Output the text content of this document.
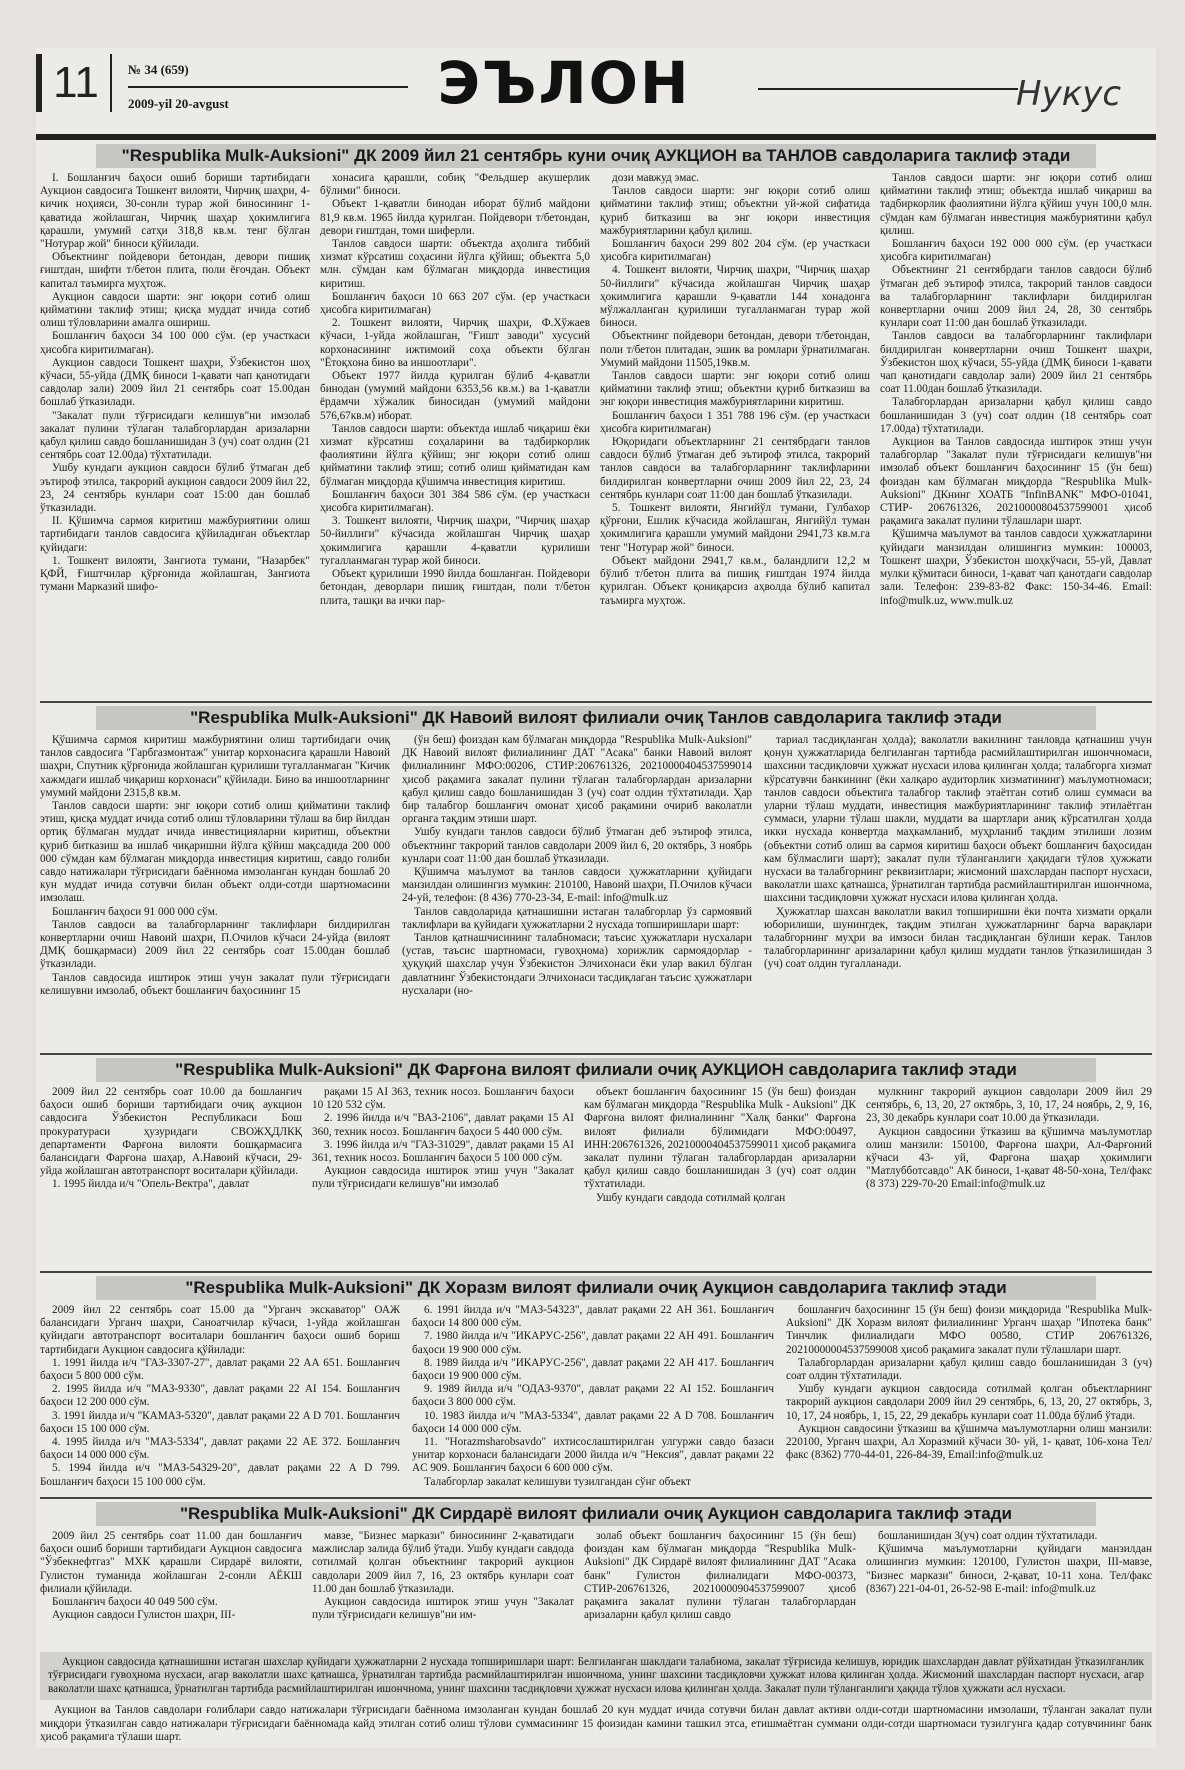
11	№ 34 (659)
2009-yil 20-avgust	ЭЪЛОН	Нукус
"Respublika Mulk-Auksioni" ДК 2009 йил 21 сентябрь куни очиқ АУКЦИОН ва ТАНЛОВ савдоларига таклиф этади

I. Бошланғич баҳоси ошиб бориши тартибидаги Аукцион савдосига Тошкент вилояти, Чирчиқ шаҳри, 4-кичик ноҳияси, 30-сонли турар жой биносининг 1-қаватида жойлашган, Чирчиқ шаҳар ҳокимлигига қарашли, умумий сатҳи 318,8 кв.м. тенг бўлган "Нотурар жой" биноси қўйилади.

Объектнинг пойдевори бетондан, девори пишиқ ғиштдан, шифти т/бетон плита, поли ёғочдан. Объект капитал таъмирга муҳтож.

Аукцион савдоси шарти: энг юқори сотиб олиш қийматини таклиф этиш; қисқа муддат ичида сотиб олиш тўловларини амалга ошириш.

Бошланғич баҳоси 34 100 000 сўм. (ер участкаси ҳисобга киритилмаган).

Аукцион савдоси Тошкент шаҳри, Ўзбекистон шоҳ кўчаси, 55-уйда (ДМҚ биноси 1-қавати чап қанотидаги савдолар зали) 2009 йил 21 сентябрь соат 15.00дан бошлаб ўтказилади.

"Закалат пули тўғрисидаги келишув"ни имзолаб закалат пулини тўлаган талабгорлардан аризаларни қабул қилиш савдо бошланишидан 3 (уч) соат олдин (21 сентябрь соат 12.00да) тўхтатилади.

Ушбу кундаги аукцион савдоси бўлиб ўтмаган деб эътироф этилса, такрорий аукцион савдоси 2009 йил 22, 23, 24 сентябрь кунлари соат 15:00 дан бошлаб ўтказилади.

II. Қўшимча сармоя киритиш мажбуриятини олиш тартибидаги танлов савдосига қўйиладиган объектлар қуйидаги:

1. Тошкент вилояти, Зангиота тумани, "Назарбек" ҚФЙ, Ғиштчилар қўрғонида жойлашган, Зангиота тумани Марказий шифо-

хонасига қарашли, собиқ "Фельдшер акушерлик бўлими" биноси.

Объект 1-қаватли бинодан иборат бўлиб майдони 81,9 кв.м. 1965 йилда қурилган. Пойдевори т/бетондан, девори ғиштдан, томи шиферли.

Танлов савдоси шарти: объектда аҳолига тиббий хизмат кўрсатиш соҳасини йўлга қўйиш; объектга 5,0 млн. сўмдан кам бўлмаган миқдорда инвестиция киритиш.

Бошланғич баҳоси 10 663 207 сўм. (ер участкаси ҳисобга киритилмаган)

2. Тошкент вилояти, Чирчиқ шаҳри, Ф.Хўжаев кўчаси, 1-уйда жойлашган, "Ғишт заводи" хусусий корхонасининг ижтимоий соҳа объекти бўлган "Ётоқхона бино ва иншоотлари".

Объект 1977 йилда қурилган бўлиб 4-қаватли бинодан (умумий майдони 6353,56 кв.м.) ва 1-қаватли ёрдамчи хўжалик биносидан (умумий майдони 576,67кв.м) иборат.

Танлов савдоси шарти: объектда ишлаб чиқариш ёки хизмат кўрсатиш соҳаларини ва тадбиркорлик фаолиятини йўлга қўйиш; энг юқори сотиб олиш қийматини таклиф этиш; сотиб олиш қийматидан кам бўлмаган миқдорда қўшимча инвестиция киритиш.

Бошланғич баҳоси 301 384 586 сўм. (ер участкаси ҳисобга киритилмаган).

3. Тошкент вилояти, Чирчиқ шаҳри, "Чирчиқ шаҳар 50-йиллиги" кўчасида жойлашган Чирчиқ шаҳар ҳокимлигига қарашли 4-қаватли қурилиши тугалланмаган турар жой биноси.

Объект қурилиши 1990 йилда бошланган. Пойдевори бетондан, деворлари пишиқ ғиштдан, поли т/бетон плита, ташқи ва ички пар-

дози мавжуд эмас.

Танлов савдоси шарти: энг юқори сотиб олиш қийматини таклиф этиш; объектни уй-жой сифатида қуриб битказиш ва энг юқори инвестиция мажбуриятларини қабул қилиш.

Бошланғич баҳоси 299 802 204 сўм. (ер участкаси ҳисобга киритилмаган)

4. Тошкент вилояти, Чирчиқ шаҳри, "Чирчиқ шаҳар 50-йиллиги" кўчасида жойлашган Чирчиқ шаҳар ҳокимлигига қарашли 9-қаватли 144 хонадонга мўлжалланган қурилиши тугалланмаган турар жой биноси.

Объектнинг пойдевори бетондан, девори т/бетондан, поли т/бетон плитадан, эшик ва ромлари ўрнатилмаган. Умумий майдони 11505,19кв.м.

Танлов савдоси шарти: энг юқори сотиб олиш қийматини таклиф этиш; объектни қуриб битказиш ва энг юқори инвестиция мажбуриятларини киритиш.

Бошланғич баҳоси 1 351 788 196 сўм. (ер участкаси ҳисобга киритилмаган)

Юқоридаги объектларнинг 21 сентябрдаги танлов савдоси бўлиб ўтмаган деб эътироф этилса, такрорий танлов савдоси ва талабгорларнинг таклифларини билдирилган конвертларни очиш 2009 йил 22, 23, 24 сентябрь кунлари соат 11:00 дан бошлаб ўтказилади.

5. Тошкент вилояти, Янгийўл тумани, Гулбахор қўрғони, Ешлик кўчасида жойлашган, Янгийўл туман ҳокимлигига қарашли умумий майдони 2941,73 кв.м.га тенг "Нотурар жой" биноси.

Объект майдони 2941,7 кв.м., баландлиги 12,2 м бўлиб т/бетон плита ва пишиқ ғиштдан 1974 йилда қурилган. Объект қониқарсиз аҳволда бўлиб капитал таъмирга муҳтож.

Танлов савдоси шарти: энг юқори сотиб олиш қийматини таклиф этиш; объектда ишлаб чиқариш ва тадбиркорлик фаолиятини йўлга қўйиш учун 100,0 млн. сўмдан кам бўлмаган инвестиция мажбуриятини қабул қилиш.

Бошланғич баҳоси 192 000 000 сўм. (ер участкаси ҳисобга киритилмаган)

Объектнинг 21 сентябрдаги танлов савдоси бўлиб ўтмаган деб эътироф этилса, такрорий танлов савдоси ва талабгорларнинг таклифлари билдирилган конвертларни очиш 2009 йил 24, 28, 30 сентябрь кунлари соат 11:00 дан бошлаб ўтказилади.

Танлов савдоси ва талабгорларнинг таклифлари билдирилган конвертларни очиш Тошкент шаҳри, Ўзбекистон шоҳ кўчаси, 55-уйда (ДМҚ биноси 1-қавати чап қанотидаги савдолар зали) 2009 йил 21 сентябрь соат 11.00дан бошлаб ўтказилади.

Талабгорлардан аризаларни қабул қилиш савдо бошланишидан 3 (уч) соат олдин (18 сентябрь соат 17.00да) тўхтатилади.

Аукцион ва Танлов савдосида иштирок этиш учун талабгорлар "Закалат пули тўғрисидаги келишув"ни имзолаб объект бошланғич баҳосининг 15 (ўн беш) фоиздан кам бўлмаган миқдорда "Respublika Mulk-Auksioni" ДКнинг ХОАТБ "InfinBANK" МФО-01041, СТИР- 206761326, 20210000804537599001 ҳисоб рақамига закалат пулини тўлашлари шарт.

Қўшимча маълумот ва танлов савдоси ҳужжатларини қуйидаги манзилдан олишингиз мумкин: 100003, Тошкент шаҳри, Ўзбекистон шоҳкўчаси, 55-уй, Давлат мулки қўмитаси биноси, 1-қават чап қанотдаги савдолар зали. Телефон: 239-83-82 Факс: 150-34-46. Email: info@mulk.uz, www.mulk.uz

"Respublika Mulk-Auksioni" ДК Навоий вилоят филиали очиқ Танлов савдоларига таклиф этади

Қўшимча сармоя киритиш мажбуриятини олиш тартибидаги очиқ танлов савдосига "Гарбгазмонтаж" унитар корхонасига қарашли Навоий шаҳри, Спутник қўрғонида жойлашган қурилиши тугалланмаган "Кичик хажмдаги ишлаб чиқариш корхонаси" қўйилади. Бино ва иншоотларнинг умумий майдони 2315,8 кв.м.

Танлов савдоси шарти: энг юқори сотиб олиш қийматини таклиф этиш, қисқа муддат ичида сотиб олиш тўловларини тўлаш ва бир йилдан ортиқ бўлмаган муддат ичида инвестицияларни киритиш, объектни қуриб битказиш ва ишлаб чиқаришни йўлга қўйиш мақсадида 200 000 000 сўмдан кам бўлмаган миқдорда инвестиция киритиш, савдо голиби савдо натижалари тўғрисидаги баённома имзоланган кундан бошлаб 20 кун муддат ичида сотувчи билан объект олди-сотди шартномасини имзолаш.

Бошланғич баҳоси 91 000 000 сўм.

Танлов савдоси ва талабгорларнинг таклифлари билдирилган конвертларни очиш Навоий шаҳри, П.Очилов кўчаси 24-уйда (вилоят ДМҚ бошқармаси) 2009 йил 22 сентябрь соат 15.00дан бошлаб ўтказилади.

Танлов савдосида иштирок этиш учун закалат пули тўғрисидаги келишувни имзолаб, объект бошланғич баҳосининг 15

(ўн беш) фоиздан кам бўлмаган миқдорда "Respublika Mulk-Auksioni" ДК Навоий вилоят филиалининг ДАТ "Асака" банки Навоий вилоят филиалининг МФО:00206, СТИР:206761326, 20210000404537599014 ҳисоб рақамига закалат пулини тўлаган талабгорлардан аризаларни қабул қилиш савдо бошланишидан 3 (уч) соат олдин тўхтатилади. Ҳар бир талабгор бошланғич омонат ҳисоб рақамини очириб ваколатли органга тақдим этиши шарт.

Ушбу кундаги танлов савдоси бўлиб ўтмаган деб эътироф этилса, объектнинг такрорий танлов савдолари 2009 йил 6, 20 октябрь, 3 ноябрь кунлари соат 11:00 дан бошлаб ўтказилади.

Қўшимча маълумот ва танлов савдоси ҳужжатларини қуйидаги манзилдан олишингиз мумкин: 210100, Навоий шаҳри, П.Очилов кўчаси 24-уй, телефон: (8 436) 770-23-34, E-mail: info@mulk.uz

Танлов савдоларида қатнашишни истаган талабгорлар ўз сармоявий таклифлари ва қуйидаги ҳужжатларни 2 нусхада топширишлари шарт:

Танлов қатнашчисининг талабномаси; таъсис ҳужжатлари нусхалари (устав, таъсис шартномаси, гувоҳнома) хорижлик сармоядорлар - ҳуқуқий шахслар учун Ўзбекистон Элчихонаси ёки улар вакил бўлган давлатнинг Ўзбекистондаги Элчихонаси тасдиқлаган таъсис ҳужжатлари нусхалари (но-

тариал тасдиқланган ҳолда); ваколатли вакилнинг танловда қатнашиш учун қонун ҳужжатларида белгиланган тартибда расмийлаштирилган ишончномаси, шахсини тасдиқловчи ҳужжат нусхаси илова қилинган ҳолда; талабгорга хизмат кўрсатувчи банкининг (ёки халқаро аудиторлик хизматининг) маълумотномаси; танлов савдоси объектига талабгор таклиф этаётган сотиб олиш суммаси ва уларни тўлаш муддати, инвестиция мажбуриятларининг таклиф этилаётган суммаси, уларни тўлаш шакли, муддати ва шартлари аниқ кўрсатилган ҳолда икки нусхада конвертда маҳкамланиб, муҳрланиб тақдим этилиши лозим (объектни сотиб олиш ва сармоя киритиш баҳоси объект бошланғич баҳосидан кам бўлмаслиги шарт); закалат пули тўланганлиги ҳақидаги тўлов ҳужжати нусхаси ва талабгорнинг реквизитлари; жисмоний шахслардан паспорт нусхаси, ваколатли шахс қатнашса, ўрнатилган тартибда расмийлаштирилган ишончнома, шахсини тасдиқловчи ҳужжат нусхаси илова қилинган ҳолда.

Ҳужжатлар шахсан ваколатли вакил топширишни ёки почта хизмати орқали юборилиши, шунингдек, тақдим этилган ҳужжатларнинг барча варақлари талабгорнинг муҳри ва имзоси билан тасдиқланган бўлиши керак. Танлов талабгорларининг аризаларини қабул қилиш муддати танлов ўтказилишидан 3 (уч) соат олдин тугалланади.

"Respublika Mulk-Auksioni" ДК Фарғона вилоят филиали очиқ АУКЦИОН савдоларига таклиф этади

2009 йил 22 сентябрь соат 10.00 да бошланғич баҳоси ошиб бориши тартибидаги очиқ аукцион савдосига Ўзбекистон Республикаси Бош прокуратураси ҳузуридаги СВОЖҲДЛКҚ департаменти Фарғона вилояти бошқармасига балансидаги Фарғона шаҳар, А.Навоий кўчаси, 29-уйда жойлашган автотранспорт воситалари қўйилади.

1. 1995 йилда и/ч "Опель-Вектра", давлат

рақами 15 AI 363, техник носоз. Бошланғич баҳоси 10 120 532 сўм.

2. 1996 йилда и/ч "ВАЗ-2106", давлат рақами 15 AI 360, техник носоз. Бошланғич баҳоси 5 440 000 сўм.

3. 1996 йилда и/ч "ГАЗ-31029", давлат рақами 15 AI 361, техник носоз. Бошланғич баҳоси 5 100 000 сўм.

Аукцион савдосида иштирок этиш учун "Закалат пули тўғрисидаги келишув"ни имзолаб

объект бошланғич баҳосининг 15 (ўн беш) фоиздан кам бўлмаган миқдорда "Respublika Mulk - Auksioni" ДК Фарғона вилоят филиалининг "Халқ банки" Фарғона вилоят филиали бўлимидаги МФО:00497, ИНН:206761326, 20210000404537599011 ҳисоб рақамига закалат пулини тўлаган талабгорлардан аризаларни қабул қилиш савдо бошланишидан 3 (уч) соат олдин тўхтатилади.

Ушбу кундаги савдода сотилмай қолган

мулкнинг такрорий аукцион савдолари 2009 йил 29 сентябрь, 6, 13, 20, 27 октябрь, 3, 10, 17, 24 ноябрь, 2, 9, 16, 23, 30 декабрь кунлари соат 10.00 да ўтказилади.

Аукцион савдосини ўтказиш ва қўшимча маълумотлар олиш манзили: 150100, Фарғона шаҳри, Ал-Фарғоний кўчаси 43- уй, Фарғона шаҳар ҳокимлиги "Матлубботсавдо" АК биноси, 1-қават 48-50-хона, Тел/факс (8 373) 229-70-20 Email:info@mulk.uz

"Respublika Mulk-Auksioni" ДК Хоразм вилоят филиали очиқ Аукцион савдоларига таклиф этади

2009 йил 22 сентябрь соат 15.00 да "Урганч экскаватор" ОАЖ балансидаги Урганч шаҳри, Саноатчилар кўчаси, 1-уйда жойлашган қуйидаги автотранспорт воситалари бошланғич баҳоси ошиб бориш тартибидаги Аукцион савдосига қўйилади:

1. 1991 йилда и/ч "ГАЗ-3307-27", давлат рақами 22 АА 651. Бошланғич баҳоси 5 800 000 сўм.

2. 1995 йилда и/ч "МАЗ-9330", давлат рақами 22 AI 154. Бошланғич баҳоси 12 200 000 сўм.

3. 1991 йилда и/ч "КАМАЗ-5320", давлат рақами 22 A D 701. Бошланғич баҳоси 15 100 000 сўм.

4. 1995 йилда и/ч "МАЗ-5334", давлат рақами 22 AE 372. Бошланғич баҳоси 14 000 000 сўм.

5. 1994 йилда и/ч "МАЗ-54329-20", давлат рақами 22 A D 799. Бошланғич баҳоси 15 100 000 сўм.

6. 1991 йилда и/ч "МАЗ-54323", давлат рақами 22 AH 361. Бошланғич баҳоси 14 800 000 сўм.

7. 1980 йилда и/ч "ИКАРУС-256", давлат рақами 22 AH 491. Бошланғич баҳоси 19 900 000 сўм.

8. 1989 йилда и/ч "ИКАРУС-256", давлат рақами 22 AH 417. Бошланғич баҳоси 19 900 000 сўм.

9. 1989 йилда и/ч "ОДАЗ-9370", давлат рақами 22 AI 152. Бошланғич баҳоси 3 800 000 сўм.

10. 1983 йилда и/ч "МАЗ-5334", давлат рақами 22 A D 708. Бошланғич баҳоси 14 000 000 сўм.

11. "Horazmsharobsavdo" ихтисослаштирилган улгуржи савдо базаси унитар корхонаси балансидаги 2000 йилда и/ч "Нексия", давлат рақами 22 AC 909. Бошланғич баҳоси 6 600 000 сўм.

Талабгорлар закалат келишуви тузилгандан сўнг объект

бошланғич баҳосининг 15 (ўн беш) фоизи миқдорида "Respublika Mulk-Auksioni" ДК Хоразм вилоят филиалининг Урганч шаҳар "Ипотека банк" Тинчлик филиалидаги МФО 00580, СТИР 206761326, 20210000004537599008 ҳисоб рақамига закалат пули тўлашлари шарт.

Талабгорлардан аризаларни қабул қилиш савдо бошланишидан 3 (уч) соат олдин тўхтатилади.

Ушбу кундаги аукцион савдосида сотилмай қолган объектларнинг такрорий аукцион савдолари 2009 йил 29 сентябрь, 6, 13, 20, 27 октябрь, 3, 10, 17, 24 ноябрь, 1, 15, 22, 29 декабрь кунлари соат 11.00да бўлиб ўтади.

Аукцион савдосини ўтказиш ва қўшимча маълумотларни олиш манзили: 220100, Урганч шаҳри, Ал Хоразмий кўчаси 30- уй, 1- қават, 106-хона Тел/факс (8362) 770-44-01, 226-84-39, Email:info@mulk.uz

"Respublika Mulk-Auksioni" ДК Сирдарё вилоят филиали очиқ Аукцион савдоларига таклиф этади

2009 йил 25 сентябрь соат 11.00 дан бошланғич баҳоси ошиб бориши тартибидаги Аукцион савдосига "Ўзбекнефтгаз" МХК қарашли Сирдарё вилояти, Гулистон туманида жойлашган 2-сонли АЁКШ филиали қўйилади.

Бошланғич баҳоси 40 049 500 сўм.

Аукцион савдоси Гулистон шаҳри, III-

мавзе, "Бизнес маркази" биносининг 2-қаватидаги мажлислар залида бўлиб ўтади. Ушбу кундаги савдода сотилмай қолган объектнинг такрорий аукцион савдолари 2009 йил 7, 16, 23 октябрь кунлари соат 11.00 дан бошлаб ўтказилади.

Аукцион савдосида иштирок этиш учун "Закалат пули тўғрисидаги келишув"ни им-

золаб объект бошланғич баҳосининг 15 (ўн беш) фоиздан кам бўлмаган миқдорда "Respublika Mulk-Auksioni" ДК Сирдарё вилоят филиалининг ДАТ "Асака банк" Гулистон филиалидаги МФО-00373, СТИР-206761326, 20210000904537599007 ҳисоб рақамига закалат пулини тўлаган талабгорлардан аризаларни қабул қилиш савдо

бошланишидан 3(уч) соат олдин тўхтатилади.

Қўшимча маълумотларни қуйидаги манзилдан олишингиз мумкин: 120100, Гулистон шаҳри, III-мавзе, "Бизнес маркази" биноси, 2-қават, 10-11 хона. Тел/факс (8367) 221-04-01, 26-52-98 E-mail: info@mulk.uz

Аукцион савдосида қатнашишни истаган шахслар қуйидаги ҳужжатларни 2 нусхада топширишлари шарт: Белгиланган шаклдаги талабнома, закалат тўғрисида келишув, юридик шахслардан давлат рўйхатидан ўтказилганлик тўғрисидаги гувоҳнома нусхаси, агар ваколатли шахс қатнашса, ўрнатилган тартибда расмийлаштирилган ишончнома, унинг шахсини тасдиқловчи ҳужжат илова қилинган ҳолда. Жисмоний шахслардан паспорт нусхаси, агар ваколатли шахс қатнашса, ўрнатилган тартибда расмийлаштирилган ишончнома, унинг шахсини тасдиқловчи ҳужжат нусхаси илова қилинган ҳолда. Закалат пули тўланганлиги ҳақида тўлов ҳужжати асл нусхаси.

Аукцион ва Танлов савдолари ғолиблари савдо натижалари тўғрисидаги баённома имзоланган кундан бошлаб 20 кун муддат ичида сотувчи билан давлат активи олди-сотди шартномасини имзолаши, тўланган закалат пули миқдори ўтказилган савдо натижалари тўғрисидаги баённомада кайд этилган сотиб олиш тўлови суммасининг 15 фоизидан камини ташкил этса, етишмаётган суммани олди-сотди шартномаси тузилгунга қадар сотувчининг банк ҳисоб рақамига тўлаши шарт.
